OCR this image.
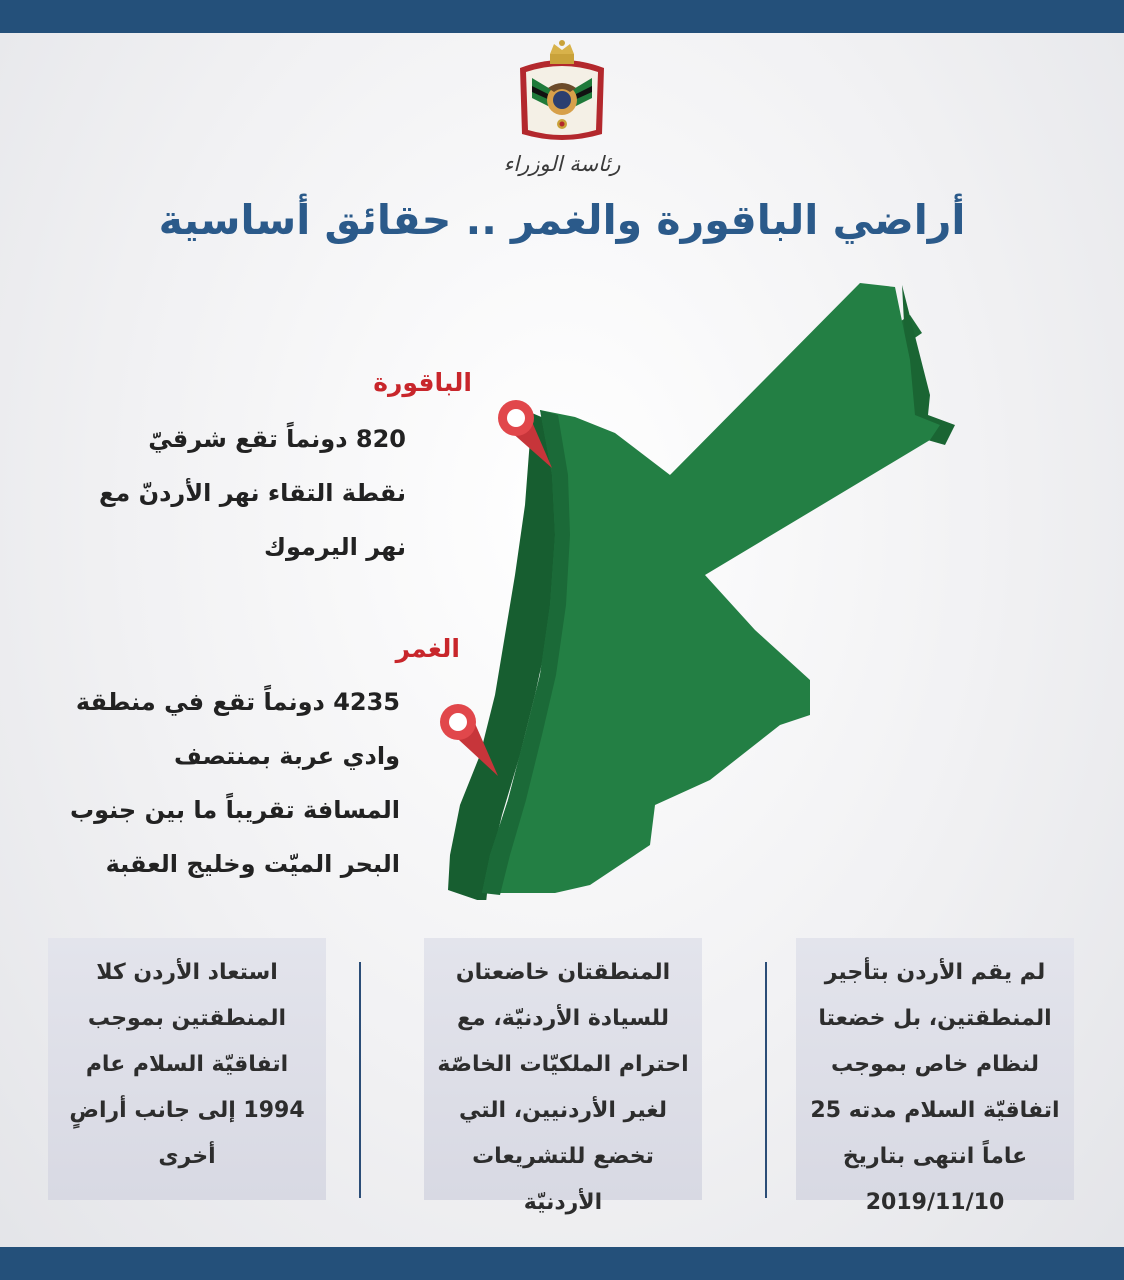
رئاسة الوزراء
أراضي الباقورة والغمر .. حقائق أساسية
الباقورة
820 دونماً تقع شرقيّ
نقطة التقاء نهر الأردنّ مع
نهر اليرموك
الغمر
4235 دونماً تقع في منطقة
وادي عربة بمنتصف
المسافة تقريباً ما بين جنوب
البحر الميّت وخليج العقبة
لم يقم الأردن بتأجير
المنطقتين، بل خضعتا
لنظام خاص بموجب
اتفاقيّة السلام مدته 25
عاماً انتهى بتاريخ
2019/11/10
المنطقتان خاضعتان
للسيادة الأردنيّة، مع
احترام الملكيّات الخاصّة
لغير الأردنيين، التي
تخضع للتشريعات
الأردنيّة
استعاد الأردن كلا
المنطقتين بموجب
اتفاقيّة السلام عام
1994 إلى جانب أراضٍ
أخرى
